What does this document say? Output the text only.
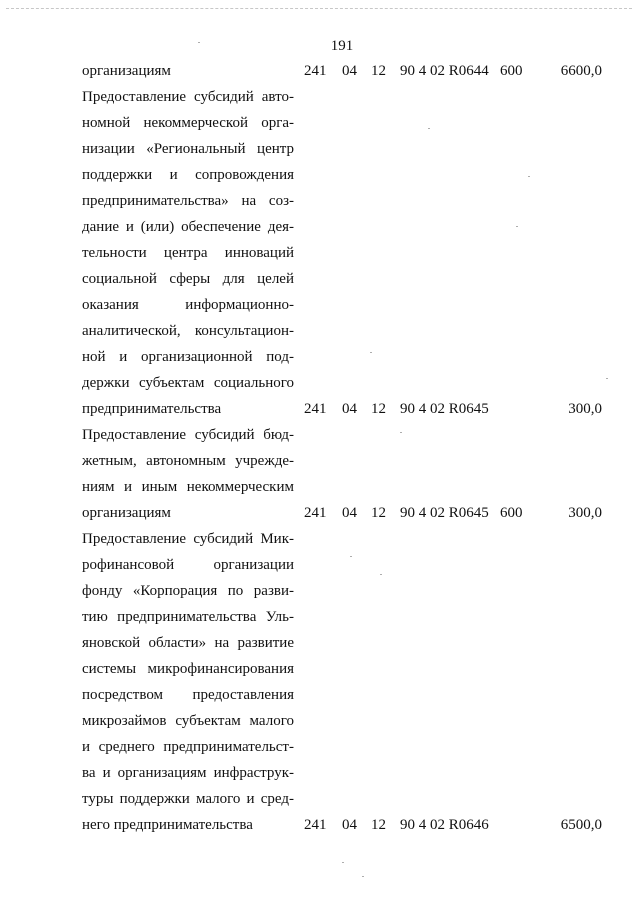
191
организациям	241 04 12 90 4 02 R0644 600	6600,0
Предоставление субсидий авто-
номной некоммерческой орга-
низации «Региональный центр
поддержки и сопровождения
предпринимательства» на соз-
дание и (или) обеспечение дея-
тельности центра инноваций
социальной сферы для целей
оказания информационно-
аналитической, консультацион-
ной и организационной под-
держки субъектам социального
предпринимательства	241 04 12 90 4 02 R0645	300,0
Предоставление субсидий бюд-
жетным, автономным учрежде-
ниям и иным некоммерческим
организациям	241 04 12 90 4 02 R0645 600	300,0
Предоставление субсидий Мик-
рофинансовой организации
фонду «Корпорация по разви-
тию предпринимательства Уль-
яновской области» на развитие
системы микрофинансирования
посредством предоставления
микрозаймов субъектам малого
и среднего предпринимательст-
ва и организациям инфраструк-
туры поддержки малого и сред-
него предпринимательства	241 04 12 90 4 02 R0646	6500,0
